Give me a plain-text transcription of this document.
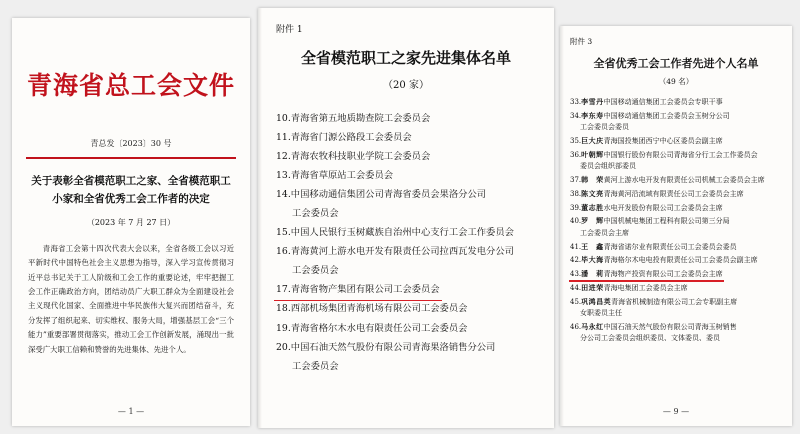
青海省总工会文件
青总发〔2023〕30 号
关于表彰全省模范职工之家、全省模范职工小家和全省优秀工会工作者的决定
（2023 年 7 月 27 日）
青海省工会第十四次代表大会以来，全省各级工会以习近平新时代中国特色社会主义思想为指导，深入学习宣传贯彻习近平总书记关于工人阶级和工会工作的重要论述，牢牢把握工会工作正确政治方向，团结动员广大职工群众为全面建设社会主义现代化国家、全面推进中华民族伟大复兴而团结奋斗，充分发挥了组织起来、切实维权、服务大局，增强基层工会“三个能力”重要部署贯彻落实，推动工会工作创新发展，涌现出一批深受广大职工信赖和赞誉的先进集体、先进个人。
— 1 —
附件 1
全省模范职工之家先进集体名单
（20 家）
10.青海省第五地质勘查院工会委员会
11.青海省门源公路段工会委员会
12.青海农牧科技职业学院工会委员会
13.青海省草原站工会委员会
14.中国移动通信集团公司青海省委员会果洛分公司
工会委员会
15.中国人民银行玉树藏族自治州中心支行工会工作委员会
16.青海黄河上游水电开发有限责任公司拉西瓦发电分公司
工会委员会
17.青海省物产集团有限公司工会委员会
18.西部机场集团青海机场有限公司工会委员会
19.青海省格尔木水电有限责任公司工会委员会
20.中国石油天然气股份有限公司青海果洛销售分公司
工会委员会
附件 3
全省优秀工会工作者先进个人名单
（49 名）
33.李雪丹中国移动通信集团工会委员会专职干事
34.李东寿中国移动通信集团工会委员会玉树分公司
工会委员会委员
35.巨大庆青海国投集团西宁中心区委员会副主席
36.叶朝辉中国银行股份有限公司青海省分行工会工作委员会
委员会组织部委员
37.韩　荣黄河上游水电开发有限责任公司机械工会委员会主席
38.陈文亮青海黄河沿流域有限责任公司工会委员会主席
39.董志胜水电开发股份有限公司工会委员会主席
40.罗　辉中国机械电集团工程科有限公司第三分局
工会委员会主席
41.王　鑫青海省诺尔业有限责任公司工会委员会委员
42.毕大海青海格尔木电电投有限责任公司工会委员会副主席
43.潘　莉青海物产投资有限公司工会委员会主席
44.田进荣青海电集团工会委员会主席
45.巩鸿昌英青海省机械制造有限公司工会专职副主席
女职委员主任
46.马永红中国石油天然气股份有限公司青海玉树销售
分公司工会委员会组织委员、文体委员、委员
— 9 —
